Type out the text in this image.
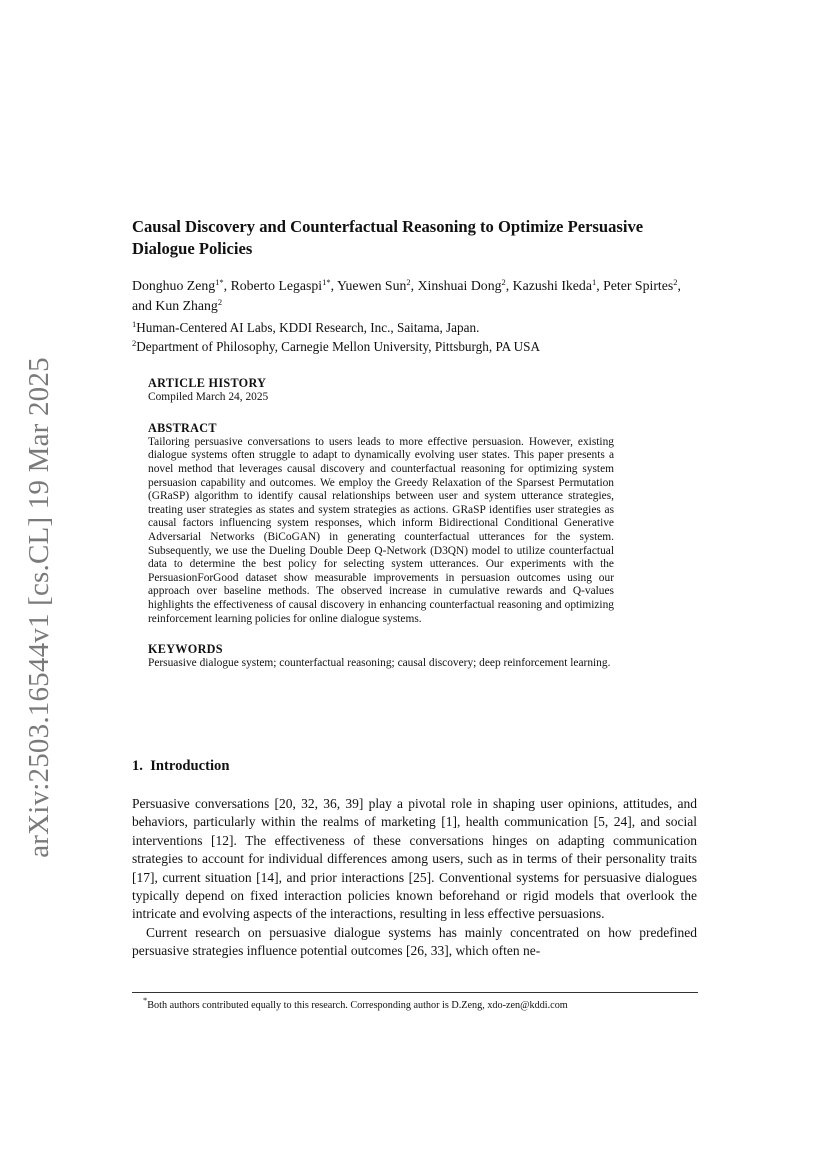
arXiv:2503.16544v1 [cs.CL] 19 Mar 2025
Causal Discovery and Counterfactual Reasoning to Optimize Persuasive Dialogue Policies
Donghuo Zeng$^{1*}$, Roberto Legaspi$^{1*}$, Yuewen Sun$^2$, Xinshuai Dong$^2$, Kazushi Ikeda$^1$, Peter Spirtes$^2$, and Kun Zhang$^2$
$^1$Human-Centered AI Labs, KDDI Research, Inc., Saitama, Japan.
$^2$Department of Philosophy, Carnegie Mellon University, Pittsburgh, PA USA
ARTICLE HISTORY
Compiled March 24, 2025
ABSTRACT
Tailoring persuasive conversations to users leads to more effective persuasion. However, existing dialogue systems often struggle to adapt to dynamically evolving user states. This paper presents a novel method that leverages causal discovery and counterfactual reasoning for optimizing system persuasion capability and outcomes. We employ the Greedy Relaxation of the Sparsest Permutation (GRaSP) algorithm to identify causal relationships between user and system utterance strategies, treating user strategies as states and system strategies as actions. GRaSP identifies user strategies as causal factors influencing system responses, which inform Bidirectional Conditional Generative Adversarial Networks (BiCoGAN) in generating counterfactual utterances for the system. Subsequently, we use the Dueling Double Deep Q-Network (D3QN) model to utilize counterfactual data to determine the best policy for selecting system utterances. Our experiments with the PersuasionForGood dataset show measurable improvements in persuasion outcomes using our approach over baseline methods. The observed increase in cumulative rewards and Q-values highlights the effectiveness of causal discovery in enhancing counterfactual reasoning and optimizing reinforcement learning policies for online dialogue systems.
KEYWORDS
Persuasive dialogue system; counterfactual reasoning; causal discovery; deep reinforcement learning.
1. Introduction

Persuasive conversations [20, 32, 36, 39] play a pivotal role in shaping user opinions, attitudes, and behaviors, particularly within the realms of marketing [1], health communication [5, 24], and social interventions [12]. The effectiveness of these conversations hinges on adapting communication strategies to account for individual differences among users, such as in terms of their personality traits [17], current situation [14], and prior interactions [25]. Conventional systems for persuasive dialogues typically depend on fixed interaction policies known beforehand or rigid models that overlook the intricate and evolving aspects of the interactions, resulting in less effective persuasions.

Current research on persuasive dialogue systems has mainly concentrated on how predefined persuasive strategies influence potential outcomes [26, 33], which often ne-

*Both authors contributed equally to this research. Corresponding author is D.Zeng, xdo-zen@kddi.com
